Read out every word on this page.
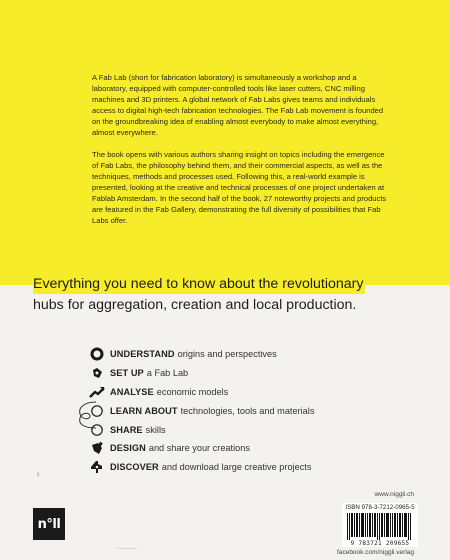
A Fab Lab (short for fabrication laboratory) is simultaneously a workshop and a laboratory, equipped with computer-controlled tools like laser cutters, CNC milling machines and 3D printers. A global network of Fab Labs gives teams and individuals access to digital high-tech fabrication technologies. The Fab Lab movement is founded on the groundbreaking idea of enabling almost everybody to make almost everything, almost everywhere.

The book opens with various authors sharing insight on topics including the emergence of Fab Labs, the philosophy behind them, and their commercial aspects, as well as the techniques, methods and processes used. Following this, a real-world example is presented, looking at the creative and technical processes of one project undertaken at Fablab Amsterdam. In the second half of the book, 27 noteworthy projects and products are featured in the Fab Gallery, demonstrating the full diversity of possibilities that Fab Labs offer.

Everything you need to know about the revolutionary
hubs for aggregation, creation and local production.
UNDERSTAND origins and perspectives
SET UP a Fab Lab
ANALYSE economic models
LEARN ABOUT technologies, tools and materials
SHARE skills
DESIGN and share your creations
DISCOVER and download large creative projects
♀
n°ll
www.niggli.ch
ISBN 978-3-7212-0965-5
9 783721 209655
facebook.com/niggli.verlag
